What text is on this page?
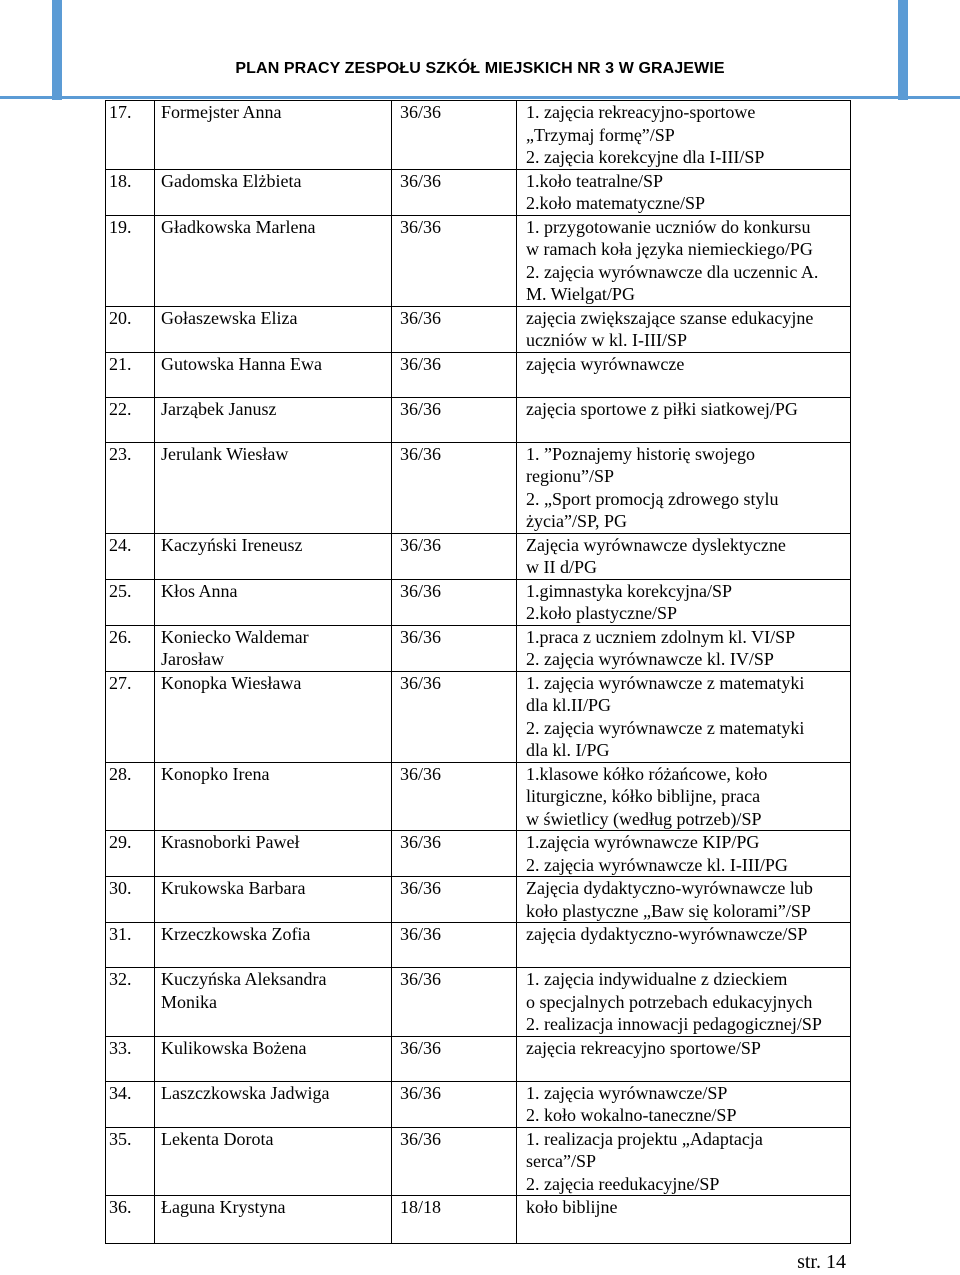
PLAN PRACY ZESPOŁU SZKÓŁ MIEJSKICH NR 3 W GRAJEWIE
17.	Formejster Anna	36/36	1. zajęcia rekreacyjno-sportowe
„Trzymaj formę”/SP
2. zajęcia korekcyjne dla I-III/SP

18.	Gadomska Elżbieta	36/36	1.koło teatralne/SP
2.koło matematyczne/SP

19.	Gładkowska Marlena	36/36	1. przygotowanie uczniów do konkursu
w ramach koła języka niemieckiego/PG
2. zajęcia wyrównawcze dla uczennic A.
M. Wielgat/PG

20.	Gołaszewska Eliza	36/36	zajęcia zwiększające szanse edukacyjne
uczniów w kl. I-III/SP

21.	Gutowska Hanna Ewa	36/36	zajęcia wyrównawcze

22.	Jarząbek Janusz	36/36	zajęcia sportowe z piłki siatkowej/PG

23.	Jerulank Wiesław	36/36	1. ”Poznajemy historię swojego
regionu”/SP
2. „Sport promocją zdrowego stylu
życia”/SP, PG

24.	Kaczyński Ireneusz	36/36	Zajęcia wyrównawcze dyslektyczne
w II d/PG

25.	Kłos Anna	36/36	1.gimnastyka korekcyjna/SP
2.koło plastyczne/SP

26.	Koniecko Waldemar
Jarosław	36/36	1.praca z uczniem zdolnym kl. VI/SP
2. zajęcia wyrównawcze kl. IV/SP

27.	Konopka Wiesława	36/36	1. zajęcia wyrównawcze z matematyki
dla kl.II/PG
2. zajęcia wyrównawcze z matematyki
dla kl. I/PG

28.	Konopko Irena	36/36	1.klasowe kółko różańcowe, koło
liturgiczne, kółko biblijne, praca
w świetlicy (według potrzeb)/SP

29.	Krasnoborki Paweł	36/36	1.zajęcia wyrównawcze KIP/PG
2. zajęcia wyrównawcze kl. I-III/PG

30.	Krukowska Barbara	36/36	Zajęcia dydaktyczno-wyrównawcze lub
koło plastyczne „Baw się kolorami”/SP

31.	Krzeczkowska Zofia	36/36	zajęcia dydaktyczno-wyrównawcze/SP

32.	Kuczyńska Aleksandra
Monika	36/36	1. zajęcia indywidualne z dzieckiem
o specjalnych potrzebach edukacyjnych
2. realizacja innowacji pedagogicznej/SP

33.	Kulikowska Bożena	36/36	zajęcia rekreacyjno sportowe/SP

34.	Laszczkowska Jadwiga	36/36	1. zajęcia wyrównawcze/SP
2. koło wokalno-taneczne/SP

35.	Lekenta Dorota	36/36	1. realizacja projektu „Adaptacja
serca”/SP
2. zajęcia reedukacyjne/SP

36.	Łaguna Krystyna	18/18	koło biblijne
str. 14
